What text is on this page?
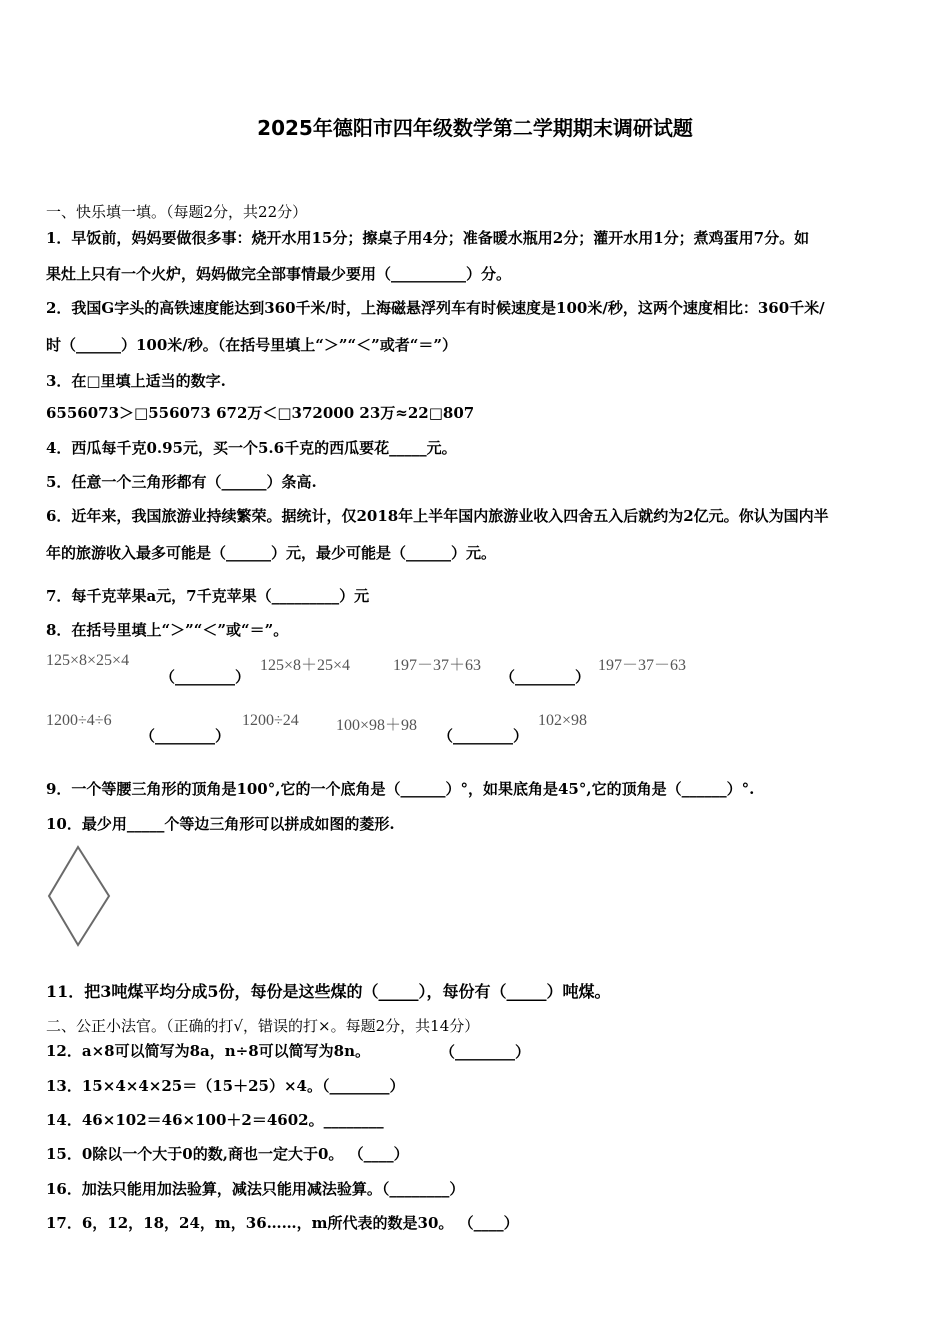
2025年德阳市四年级数学第二学期期末调研试题
一、快乐填一填。（每题2分，共22分）
1．早饭前，妈妈要做很多事：烧开水用15分；擦桌子用4分；准备暖水瓶用2分；灌开水用1分；煮鸡蛋用7分。如
果灶上只有一个火炉，妈妈做完全部事情最少要用（__________）分。
2．我国G字头的高铁速度能达到360千米/时，上海磁悬浮列车有时候速度是100米/秒，这两个速度相比：360千米/
时（______）100米/秒。（在括号里填上“＞”“＜”或者“＝”）
3．在□里填上适当的数字.
6556073＞□556073 672万＜□372000 23万≈22□807
4．西瓜每千克0.95元，买一个5.6千克的西瓜要花_____元。
5．任意一个三角形都有（______）条高.
6．近年来，我国旅游业持续繁荣。据统计，仅2018年上半年国内旅游业收入四舍五入后就约为2亿元。你认为国内半
年的旅游收入最多可能是（______）元，最少可能是（______）元。
7．每千克苹果a元，7千克苹果（_________）元
8．在括号里填上“＞”“＜”或“＝”。
125×8×25×4
（________）
125×8＋25×4	197－37＋63
（________）
197－37－63
1200÷4÷6
（________）
1200÷24 100×98＋98
（________）
102×98
9．一个等腰三角形的顶角是100°,它的一个底角是（______）°，如果底角是45°,它的顶角是（______）°.
10．最少用_____个等边三角形可以拼成如图的菱形.
11．把3吨煤平均分成5份，每份是这些煤的（_____），每份有（_____）吨煤。
二、公正小法官。（正确的打√，错误的打×。每题2分，共14分）
12．a×8可以简写为8a，n÷8可以简写为8n。	（________）
13．15×4×4×25＝（15＋25）×4。（________）
14．46×102＝46×100＋2＝4602。________
15．0除以一个大于0的数,商也一定大于0。 （____）
16．加法只能用加法验算，减法只能用减法验算。（________）
17．6，12，18，24，m，36……，m所代表的数是30。 （____）
